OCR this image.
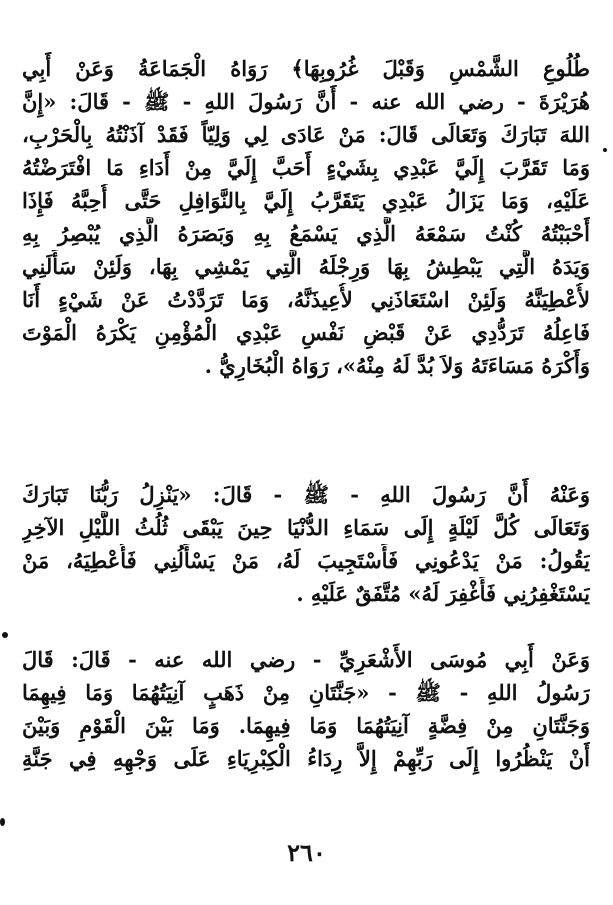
طُلُوعِ الشَّمْسِ وَقَبْلَ غُرُوبِهَا﴾ رَوَاهُ الْجَمَاعَةُ وَعَنْ أَبِي
هُرَيْرَةَ - رضي الله عنه - أَنَّ رَسُولَ اللهِ - ﷺ - قَالَ: «إِنَّ
اللهَ تَبَارَكَ وَتَعَالَى قَالَ: مَنْ عَادَى لِي وَلِيّاً فَقَدْ آذَنْتُهُ بِالْحَرْبِ،
وَمَا تَقَرَّبَ إِلَيَّ عَبْدِي بِشَيْءٍ أَحَبَّ إِلَيَّ مِنْ أَدَاءِ مَا افْتَرَضْتُهُ
عَلَيْهِ، وَمَا يَزَالُ عَبْدِي يَتَقَرَّبُ إِلَيَّ بِالنَّوَافِلِ حَتَّى أُحِبَّهُ فَإِذَا
أَحْبَبْتُهُ كُنْتُ سَمْعَهُ الَّذِي يَسْمَعُ بِهِ وَبَصَرَهُ الَّذِي يُبْصِرُ بِهِ
وَيَدَهُ الَّتِي يَبْطِشُ بِهَا وَرِجْلَهُ الَّتِي يَمْشِي بِهَا، وَلَئِنْ سَأَلَنِي
لأُعْطِيَنَّهُ وَلَئِنْ اسْتَعَاذَنِي لأُعِيذَنَّهُ، وَمَا تَرَدَّدْتُ عَنْ شَيْءٍ أَنَا
فَاعِلُهُ تَرَدُّدِي عَنْ قَبْضِ نَفْسِ عَبْدِي الْمُؤْمِنِ يَكْرَهُ الْمَوْتَ
وَأَكْرَهُ مَسَاءَتَهُ وَلاَ بُدَّ لَهُ مِنْهُ»، رَوَاهُ الْبُخَارِيُّ .
وَعَنْهُ أَنَّ رَسُولَ اللهِ - ﷺ - قَالَ: «يَنْزِلُ رَبُّنَا تَبَارَكَ
وَتَعَالَى كُلَّ لَيْلَةٍ إِلَى سَمَاءِ الدُّنْيَا حِينَ يَبْقَى ثُلُثُ اللَّيْلِ الآخِرِ
يَقُولُ: مَنْ يَدْعُونِي فَأَسْتَجِيبَ لَهُ، مَنْ يَسْأَلُنِي فَأُعْطِيَهُ، مَنْ
يَسْتَغْفِرُنِي فَأَغْفِرَ لَهُ» مُتَّفَقٌ عَلَيْهِ .
وَعَنْ أَبِي مُوسَى الأَشْعَرِيِّ - رضي الله عنه - قَالَ: قَالَ
رَسُولُ اللهِ - ﷺ - «جَنَّتَانِ مِنْ ذَهَبٍ آنِيَتُهُمَا وَمَا فِيهِمَا
وَجَنَّتَانِ مِنْ فِضَّةٍ آنِيَتُهُمَا وَمَا فِيهِمَا. وَمَا بَيْنَ الْقَوْمِ وَبَيْنَ
أَنْ يَنْظُرُوا إِلَى رَبِّهِمْ إِلاَّ رِدَاءُ الْكِبْرِيَاءِ عَلَى وَجْهِهِ فِي جَنَّةِ
٢٦٠
